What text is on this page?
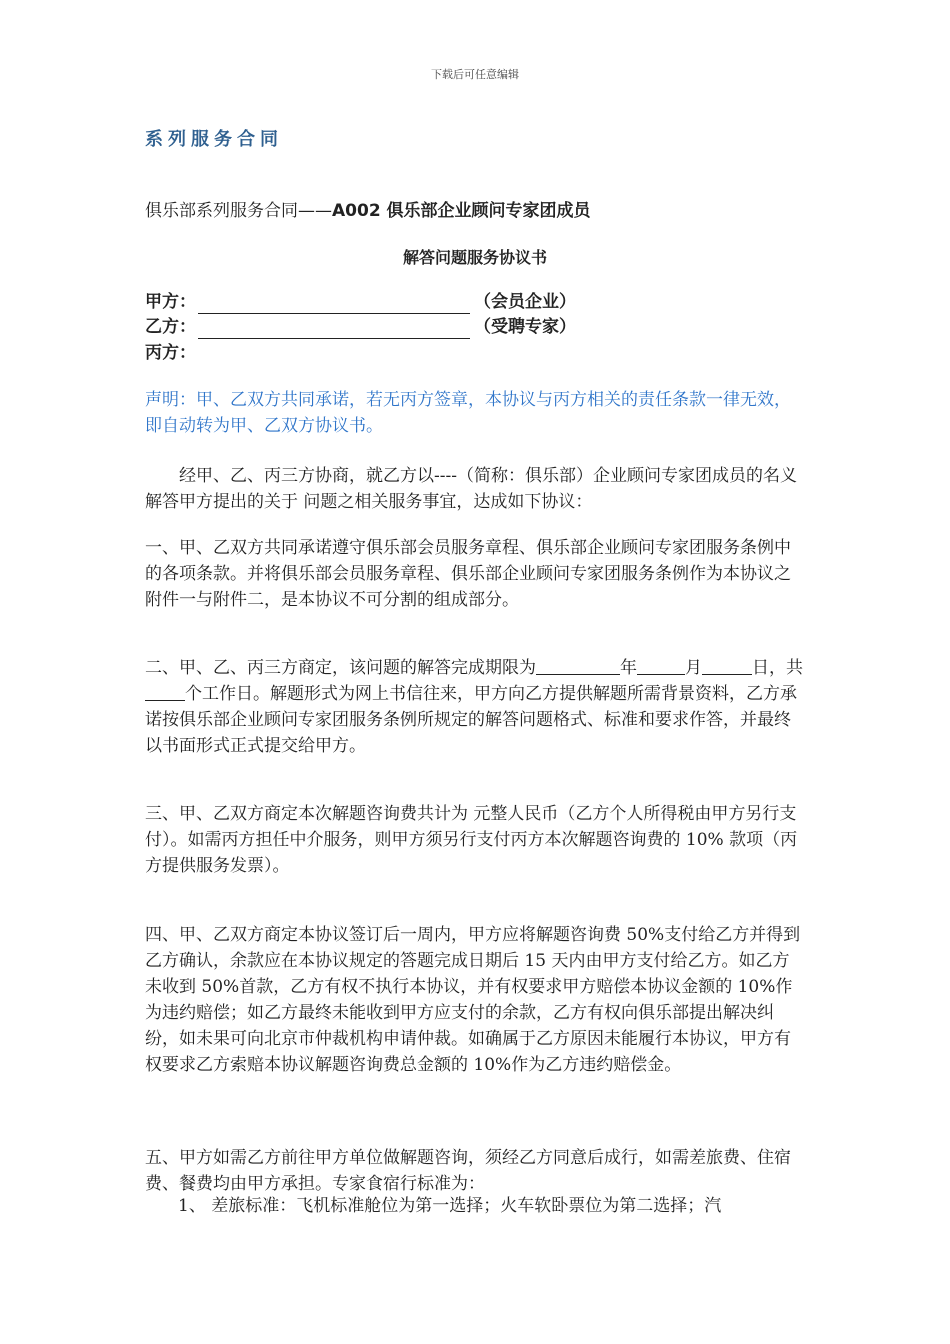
下载后可任意编辑
系列服务合同
俱乐部系列服务合同——A002 俱乐部企业顾问专家团成员
解答问题服务协议书
甲方：	（会员企业）
乙方：	（受聘专家）
丙方：

声明：甲、乙双方共同承诺，若无丙方签章，本协议与丙方相关的责任条款一律无效，即自动转为甲、乙双方协议书。

经甲、乙、丙三方协商，就乙方以----（简称：俱乐部）企业顾问专家团成员的名义解答甲方提出的关于 问题之相关服务事宜，达成如下协议：

一、甲、乙双方共同承诺遵守俱乐部会员服务章程、俱乐部企业顾问专家团服务条例中的各项条款。并将俱乐部会员服务章程、俱乐部企业顾问专家团服务条例作为本协议之附件一与附件二，是本协议不可分割的组成部分。

二、甲、乙、丙三方商定，该问题的解答完成期限为	年	月	日，共个工作日。解题形式为网上书信往来，甲方向乙方提供解题所需背景资料，乙方承诺按俱乐部企业顾问专家团服务条例所规定的解答问题格式、标准和要求作答，并最终以书面形式正式提交给甲方。

三、甲、乙双方商定本次解题咨询费共计为 元整人民币（乙方个人所得税由甲方另行支付）。如需丙方担任中介服务，则甲方须另行支付丙方本次解题咨询费的 10% 款项（丙方提供服务发票）。

四、甲、乙双方商定本协议签订后一周内，甲方应将解题咨询费 50%支付给乙方并得到乙方确认，余款应在本协议规定的答题完成日期后 15 天内由甲方支付给乙方。如乙方未收到 50%首款，乙方有权不执行本协议，并有权要求甲方赔偿本协议金额的 10%作为违约赔偿；如乙方最终未能收到甲方应支付的余款，乙方有权向俱乐部提出解决纠纷，如未果可向北京市仲裁机构申请仲裁。如确属于乙方原因未能履行本协议，甲方有权要求乙方索赔本协议解题咨询费总金额的 10%作为乙方违约赔偿金。

五、甲方如需乙方前往甲方单位做解题咨询，须经乙方同意后成行，如需差旅费、住宿费、餐费均由甲方承担。专家食宿行标准为：

1、 差旅标准：飞机标准舱位为第一选择；火车软卧票位为第二选择；汽
